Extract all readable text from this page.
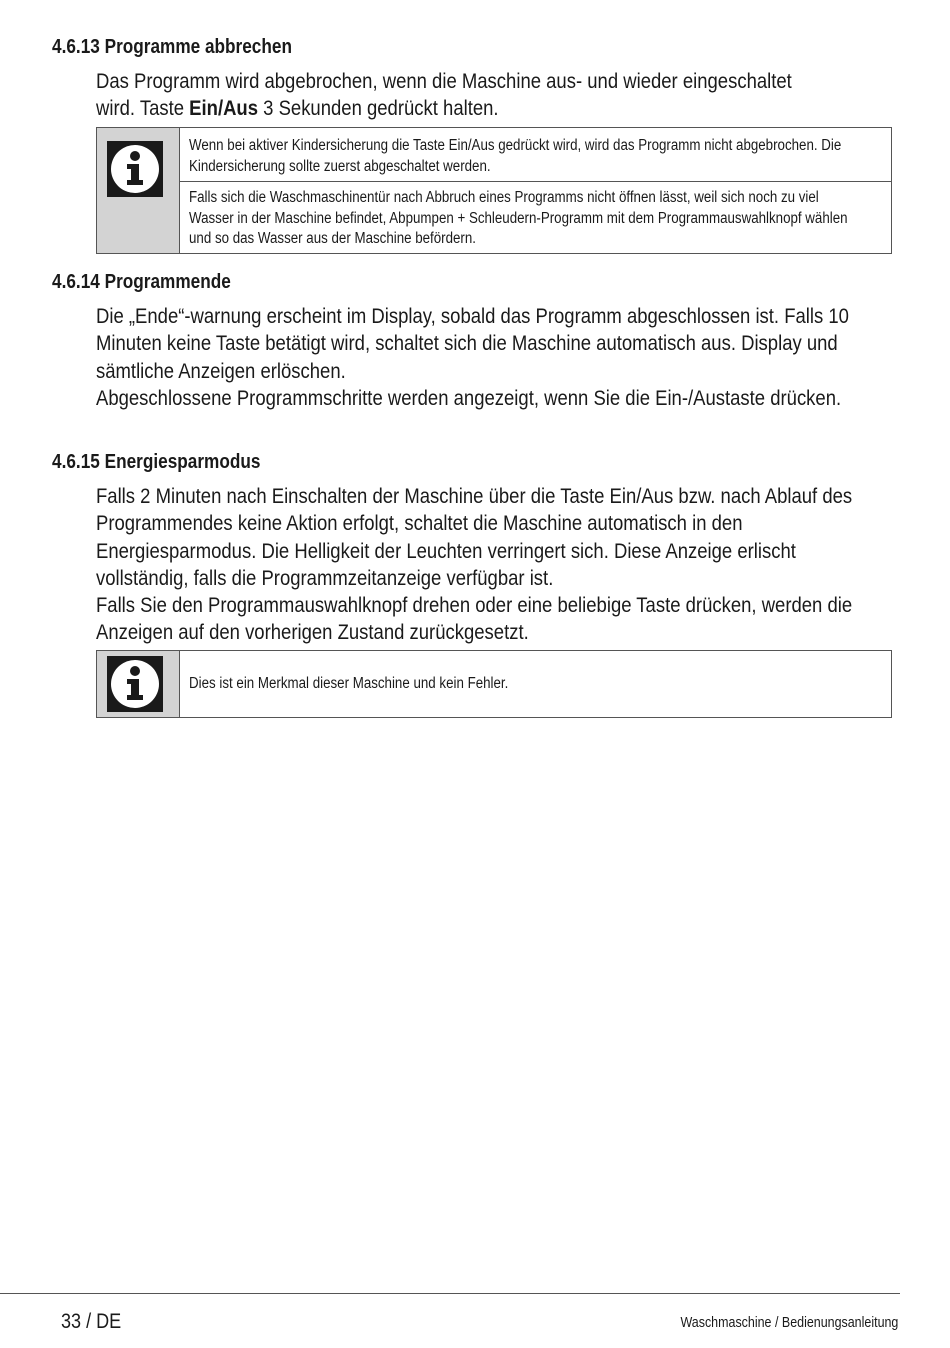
4.6.13 Programme abbrechen

Das Programm wird abgebrochen, wenn die Maschine aus- und wieder eingeschaltet

wird. Taste Ein/Aus 3 Sekunden gedrückt halten.

Wenn bei aktiver Kindersicherung die Taste Ein/Aus gedrückt wird, wird das Programm nicht abgebrochen. Die Kindersicherung sollte zuerst abgeschaltet werden.
Falls sich die Waschmaschinentür nach Abbruch eines Programms nicht öffnen lässt, weil sich noch zu viel Wasser in der Maschine befindet, Abpumpen + Schleudern-Programm mit dem Programmauswahlknopf wählen und so das Wasser aus der Maschine befördern.
4.6.14 Programmende

Die „Ende“-warnung erscheint im Display, sobald das Programm abgeschlossen ist. Falls 10 Minuten keine Taste betätigt wird, schaltet sich die Maschine automatisch aus. Display und sämtliche Anzeigen erlöschen.

Abgeschlossene Programmschritte werden angezeigt, wenn Sie die Ein-/Austaste drücken.

4.6.15 Energiesparmodus

Falls 2 Minuten nach Einschalten der Maschine über die Taste Ein/Aus bzw. nach Ablauf des Programmendes keine Aktion erfolgt, schaltet die Maschine automatisch in den Energiesparmodus. Die Helligkeit der Leuchten verringert sich. Diese Anzeige erlischt vollständig, falls die Programmzeitanzeige verfügbar ist.

Falls Sie den Programmauswahlknopf drehen oder eine beliebige Taste drücken, werden die Anzeigen auf den vorherigen Zustand zurückgesetzt.

Dies ist ein Merkmal dieser Maschine und kein Fehler.
33 / DE	Waschmaschine / Bedienungsanleitung
